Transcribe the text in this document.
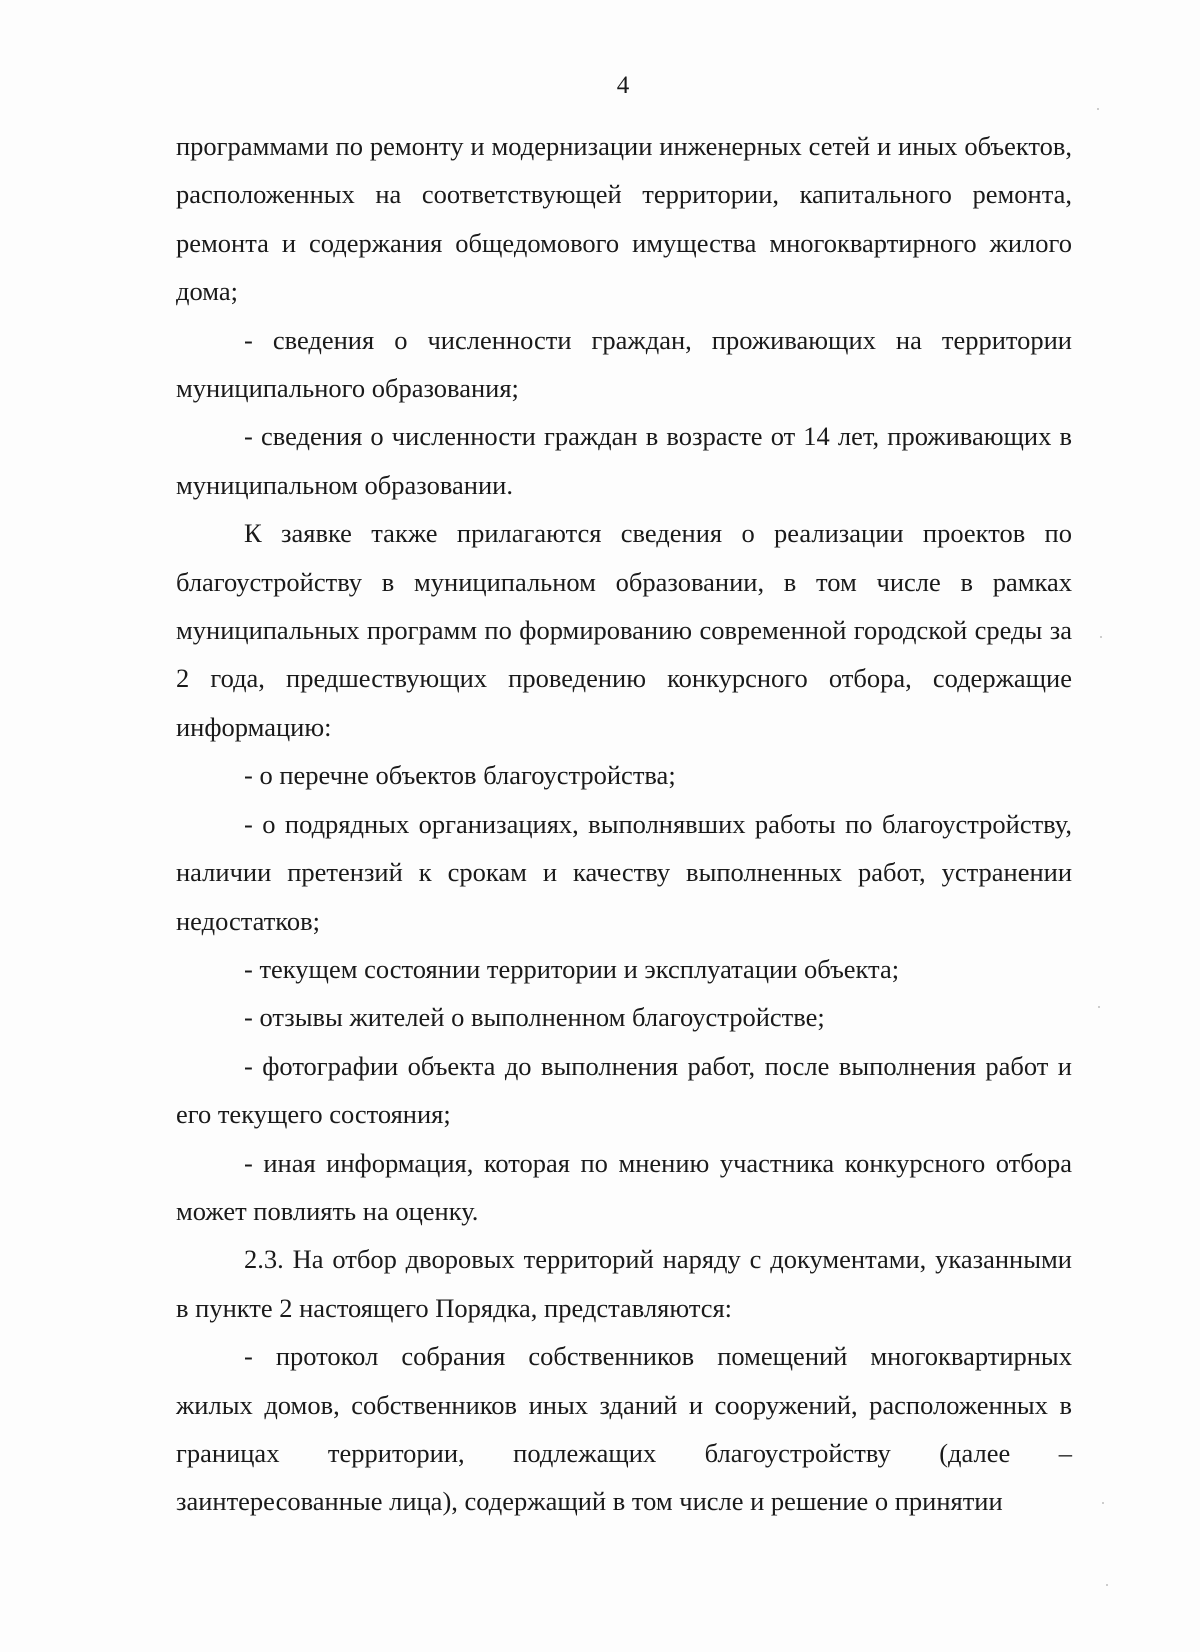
4

программами по ремонту и модернизации инженерных сетей и иных объектов, расположенных на соответствующей территории, капитального ремонта, ремонта и содержания общедомового имущества многоквартирного жилого дома;

- сведения о численности граждан, проживающих на территории муниципального образования;

- сведения о численности граждан в возрасте от 14 лет, проживающих в муниципальном образовании.

К заявке также прилагаются сведения о реализации проектов по благоустройству в муниципальном образовании, в том числе в рамках муниципальных программ по формированию современной городской среды за 2 года, предшествующих проведению конкурсного отбора, содержащие информацию:

- о перечне объектов благоустройства;

- о подрядных организациях, выполнявших работы по благоустройству, наличии претензий к срокам и качеству выполненных работ, устранении недостатков;

- текущем состоянии территории и эксплуатации объекта;

- отзывы жителей о выполненном благоустройстве;

- фотографии объекта до выполнения работ, после выполнения работ и его текущего состояния;

- иная информация, которая по мнению участника конкурсного отбора может повлиять на оценку.

2.3. На отбор дворовых территорий наряду с документами, указанными в пункте 2 настоящего Порядка, представляются:

- протокол собрания собственников помещений многоквартирных жилых домов, собственников иных зданий и сооружений, расположенных в границах территории, подлежащих благоустройству (далее – заинтересованные лица), содержащий в том числе и решение о принятии
